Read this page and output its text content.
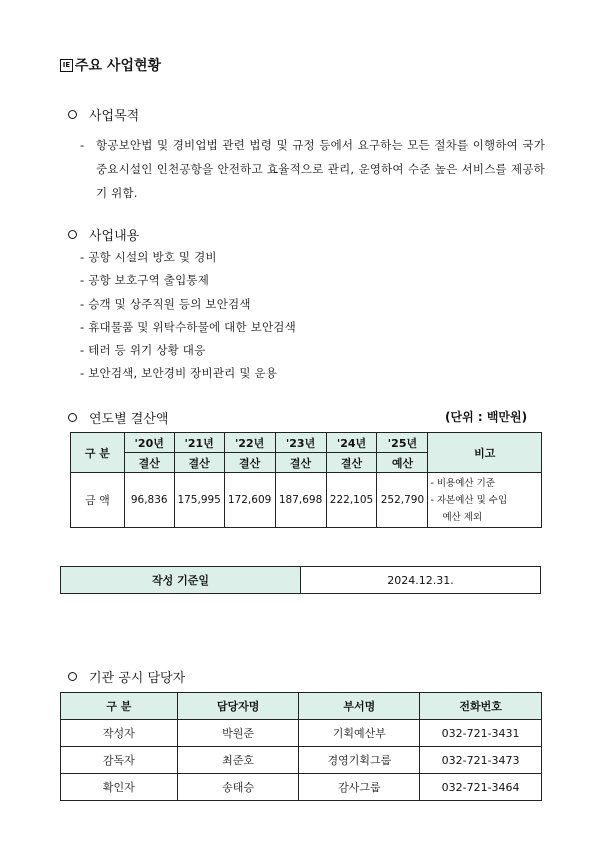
IE 주요 사업현황
사업목적
- 항공보안법 및 경비업법 관련 법령 및 규정 등에서 요구하는 모든 절차를 이행하여 국가중요시설인 인천공항을 안전하고 효율적으로 관리, 운영하여 수준 높은 서비스를 제공하기 위함.
사업내용
- 공항 시설의 방호 및 경비
- 공항 보호구역 출입통제
- 승객 및 상주직원 등의 보안검색
- 휴대물품 및 위탁수하물에 대한 보안검색
- 테러 등 위기 상황 대응
- 보안검색, 보안경비 장비관리 및 운용
연도별 결산액	(단위 : 백만원)
구 분	'20년	'21년	'22년	'23년	'24년	'25년	비고
	결산	결산	결산	결산	결산	예산	
금 액	96,836	175,995	172,609	187,698	222,105	252,790	- 비용예산 기준
- 자본예산 및 수입
예산 제외
작성 기준일	2024.12.31.
기관 공시 담당자
구 분	담당자명	부서명	전화번호
작성자	박원준	기획예산부	032-721-3431
감독자	최준호	경영기획그룹	032-721-3473
확인자	송태승	감사그룹	032-721-3464
